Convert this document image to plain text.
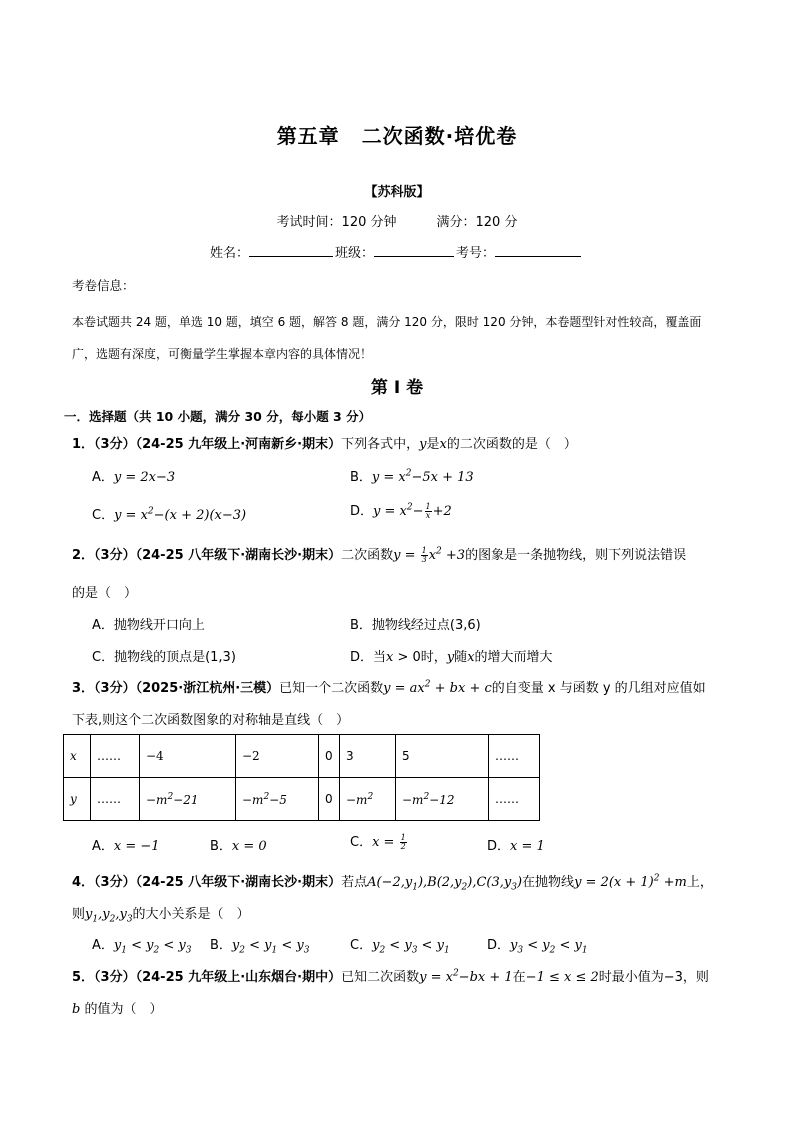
第五章 二次函数·培优卷
【苏科版】
考试时间：120 分钟	满分：120 分
姓名：	班级：	考号：
考卷信息：
本卷试题共 24 题，单选 10 题，填空 6 题，解答 8 题，满分 120 分，限时 120 分钟，本卷题型针对性较高，覆盖面广，选题有深度，可衡量学生掌握本章内容的具体情况！
第 I 卷
一．选择题（共 10 小题，满分 30 分，每小题 3 分）
1．（3分）（24-25 九年级上·河南新乡·期末）下列各式中，y是x的二次函数的是（　）
A．y = 2x−3	B．$y = x^2-5x + 13$
C．$y = x^2-(x + 2)(x-3)$	D．$y = x^2- \frac{1}{x} +2$
2．（3分）（24-25 八年级下·湖南长沙·期末）二次函数$y = \frac{1}{3} x^2 +3$的图象是一条抛物线，则下列说法错误
的是（　）
A．抛物线开口向上	B．抛物线经过点(3,6)
C．抛物线的顶点是(1,3)	D．当x > 0时，y随x的增大而增大
3．（3分）（2025·浙江杭州·三模）已知一个二次函数$y = ax^2$ + bx + c的自变量 x 与函数 y 的几组对应值如
下表,则这个二次函数图象的对称轴是直线（　）
x	……	−4	−2	0	3	5	……
y	……	$-m^2-21$	$-m^2-5$	0	$-m^2$	$-m^2-12$	……
A．x = −1	B．x = 0	C．$x = \frac{1}{2}$	D．x = 1
4．（3分）（24-25 八年级下·湖南长沙·期末）若点$A(-2,y_1),B(2,y_2),C(3,y_3)$在抛物线$y = 2(x + 1)^2 +m$上，
则$y_1,y_2,y_3$的大小关系是（　）
A．$y_1 < y_2 < y_3$ B．$y_2 < y_1 < y_3$	C．$y_2 < y_3 < y_1$	D．$y_3 < y_2 < y_1$
5．（3分）（24-25 九年级上·山东烟台·期中）已知二次函数$y = x^2-bx + 1$在−1 ≤ x ≤ 2时最小值为−3，则
b 的值为（　）
